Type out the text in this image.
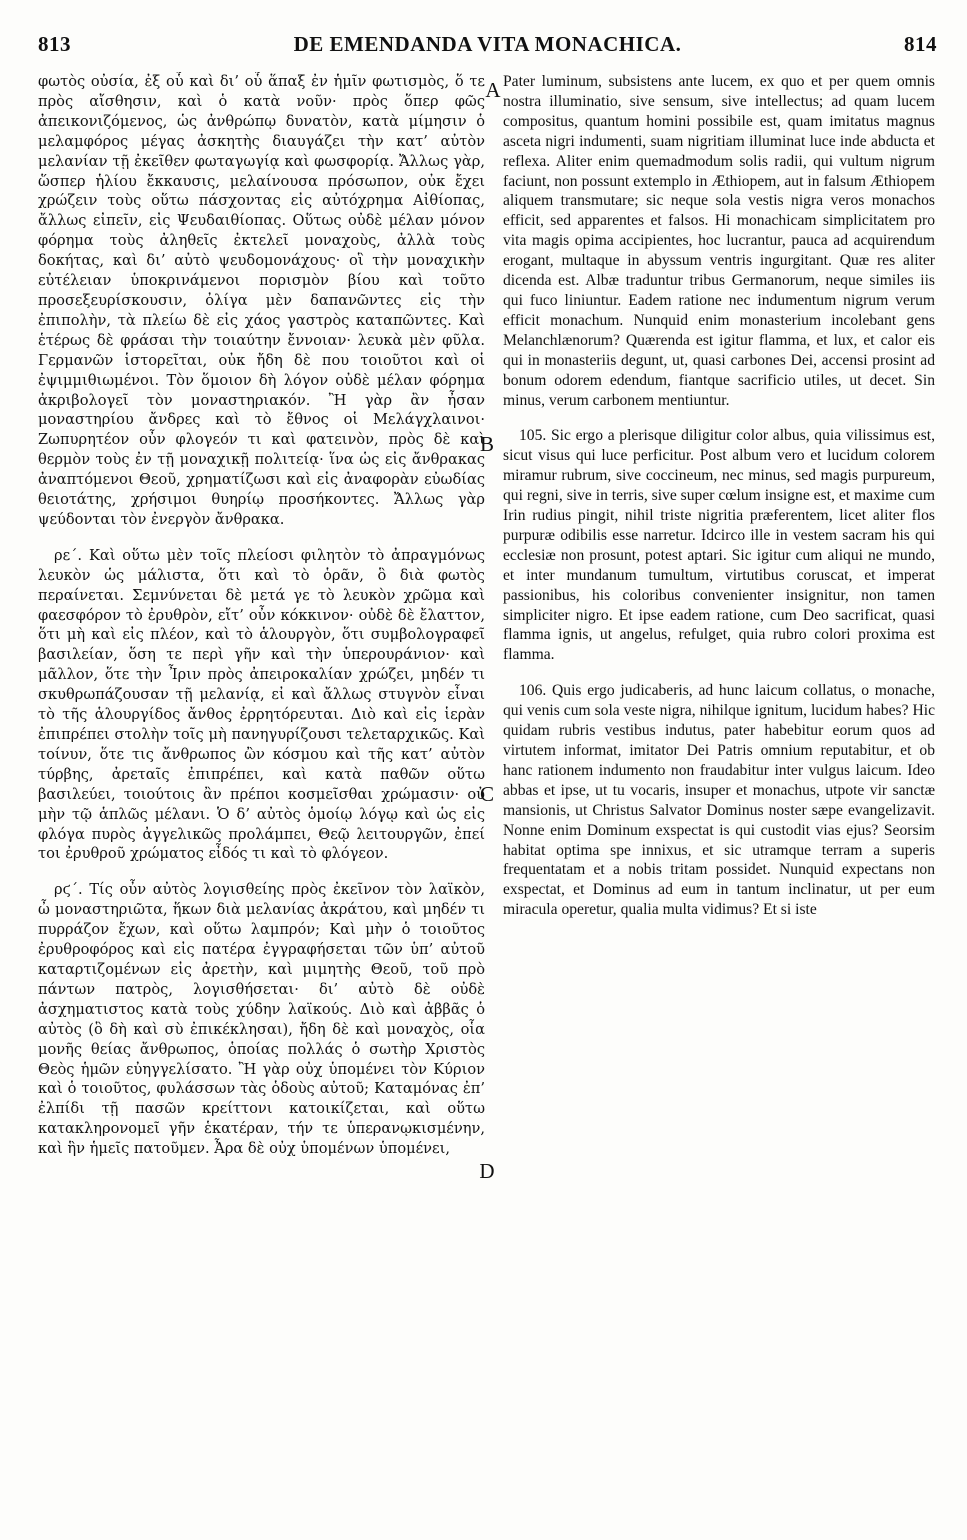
813	DE EMENDANDA VITA MONACHICA.	814

φωτὸς οὐσία, ἐξ οὗ καὶ δι’ οὗ ἅπαξ ἐν ἡμῖν φωτισμὸς, ὅ τε πρὸς αἴσθησιν, καὶ ὁ κατὰ νοῦν· πρὸς ὅπερ φῶς ἀπεικονιζόμενος, ὡς ἀνθρώπῳ δυνατὸν, κατὰ μίμησιν ὁ μελαμφόρος μέγας ἀσκητὴς διαυγάζει τὴν κατ’ αὐτὸν μελανίαν τῇ ἐκεῖθεν φωταγωγίᾳ καὶ φωσφορίᾳ. Ἄλλως γὰρ, ὥσπερ ἡλίου ἔκκαυσις, μελαίνουσα πρόσωπον, οὐκ ἔχει χρώζειν τοὺς οὕτω πάσχοντας εἰς αὐτόχρημα Αἰθίοπας, ἄλλως εἰπεῖν, εἰς Ψευδαιθίοπας. Οὕτως οὐδὲ μέλαν μόνον φόρημα τοὺς ἀληθεῖς ἐκτελεῖ μοναχοὺς, ἀλλὰ τοὺς δοκήτας, καὶ δι’ αὐτὸ ψευδομονάχους· οἳ τὴν μοναχικὴν εὐτέλειαν ὑποκρινάμενοι πορισμὸν βίου καὶ τοῦτο προσεξευρίσκουσιν, ὀλίγα μὲν δαπανῶντες εἰς τὴν ἐπιπολὴν, τὰ πλείω δὲ εἰς χάος γαστρὸς καταπῶντες. Καὶ ἑτέρως δὲ φράσαι τὴν τοιαύτην ἔννοιαν· λευκὰ μὲν φῦλα. Γερμανῶν ἱστορεῖται, οὐκ ἤδη δὲ που τοιοῦτοι καὶ οἱ ἐψιμμιθιωμένοι. Τὸν ὅμοιον δὴ λόγον οὐδὲ μέλαν φόρημα ἀκριβολογεῖ τὸν μοναστηριακόν. Ἢ γὰρ ἂν ἦσαν μοναστηρίου ἄνδρες καὶ τὸ ἔθνος οἱ Μελάγχλαινοι· Ζωπυρητέον οὖν φλογεόν τι καὶ φατεινὸν, πρὸς δὲ καὶ θερμὸν τοὺς ἐν τῇ μοναχικῇ πολιτείᾳ· ἵνα ὡς εἰς ἄνθρακας ἀναπτόμενοι Θεοῦ, χρηματίζωσι καὶ εἰς ἀναφορὰν εὐωδίας θειοτάτης, χρήσιμοι θυηρίῳ προσήκοντες. Ἄλλως γὰρ ψεύδονται τὸν ἐνεργὸν ἄνθρακα.

ρε΄. Καὶ οὕτω μὲν τοῖς πλείοσι φιλητὸν τὸ ἀπραγμόνως λευκὸν ὡς μάλιστα, ὅτι καὶ τὸ ὁρᾶν, ὃ διὰ φωτὸς περαίνεται. Σεμνύνεται δὲ μετά γε τὸ λευκὸν χρῶμα καὶ φαεσφόρον τὸ ἐρυθρὸν, εἴτ’ οὖν κόκκινον· οὐδὲ δὲ ἔλαττον, ὅτι μὴ καὶ εἰς πλέον, καὶ τὸ ἁλουργὸν, ὅτι συμβολογραφεῖ βασιλείαν, ὅση τε περὶ γῆν καὶ τὴν ὑπερουράνιον· καὶ μᾶλλον, ὅτε τὴν Ἶριν πρὸς ἀπειροκαλίαν χρώζει, μηδέν τι σκυθρωπάζουσαν τῇ μελανίᾳ, εἰ καὶ ἄλλως στυγνὸν εἶναι τὸ τῆς ἁλουργίδος ἄνθος ἐρρητόρευται. Διὸ καὶ εἰς ἱερὰν ἐπιπρέπει στολὴν τοῖς μὴ πανηγυρίζουσι τελεταρχικῶς. Καὶ τοίνυν, ὅτε τις ἄνθρωπος ὢν κόσμου καὶ τῆς κατ’ αὐτὸν τύρβης, ἀρεταῖς ἐπιπρέπει, καὶ κατὰ παθῶν οὕτω βασιλεύει, τοιούτοις ἂν πρέποι κοσμεῖσθαι χρώμασιν· οὐ μὴν τῷ ἁπλῶς μέλανι. Ὁ δ’ αὐτὸς ὁμοίῳ λόγῳ καὶ ὡς εἰς φλόγα πυρὸς ἀγγελικῶς προλάμπει, Θεῷ λειτουργῶν, ἐπεί τοι ἐρυθροῦ χρώματος εἶδός τι καὶ τὸ φλόγεον.

ρϛ΄. Τίς οὖν αὐτὸς λογισθείης πρὸς ἐκεῖνον τὸν λαϊκὸν, ὦ μοναστηριῶτα, ἥκων διὰ μελανίας ἀκράτου, καὶ μηδέν τι πυρράζον ἔχων, καὶ οὕτω λαμπρόν; Καὶ μὴν ὁ τοιοῦτος ἐρυθροφόρος καὶ εἰς πατέρα ἐγγραφήσεται τῶν ὑπ’ αὐτοῦ καταρτιζομένων εἰς ἀρετὴν, καὶ μιμητὴς Θεοῦ, τοῦ πρὸ πάντων πατρὸς, λογισθήσεται· δι’ αὐτὸ δὲ οὐδὲ ἀσχηματιστος κατὰ τοὺς χύδην λαϊκούς. Διὸ καὶ ἀββᾶς ὁ αὐτὸς (ὃ δὴ καὶ σὺ ἐπικέκλησαι), ἤδη δὲ καὶ μοναχὸς, οἷα μονῆς θείας ἄνθρωπος, ὁποίας πολλάς ὁ σωτὴρ Χριστὸς Θεὸς ἡμῶν εὐηγγελίσατο. Ἢ γὰρ οὐχ ὑπομένει τὸν Κύριον καὶ ὁ τοιοῦτος, φυλάσσων τὰς ὁδοὺς αὐτοῦ; Καταμόνας ἐπ’ ἐλπίδι τῇ πασῶν κρείττονι κατοικίζεται, καὶ οὕτω κατακληρονομεῖ γῆν ἑκατέραν, τήν τε ὑπερανῳκισμένην, καὶ ἣν ἡμεῖς πατοῦμεν. Ἆρα δὲ οὐχ ὑπομένων ὑπομένει,

Pater luminum, subsistens ante lucem, ex quo et per quem omnis nostra illuminatio, sive sensum, sive intellectus; ad quam lucem compositus, quantum homini possibile est, quam imitatus magnus asceta nigri indumenti, suam nigritiam illuminat luce inde abducta et reflexa. Aliter enim quemadmodum solis radii, qui vultum nigrum faciunt, non possunt extemplo in Æthiopem, aut in falsum Æthiopem aliquem transmutare; sic neque sola vestis nigra veros monachos efficit, sed apparentes et falsos. Hi monachicam simplicitatem pro vita magis opima accipientes, hoc lucrantur, pauca ad acquirendum erogant, multaque in abyssum ventris ingurgitant. Quæ res aliter dicenda est. Albæ traduntur tribus Germanorum, neque similes iis qui fuco liniuntur. Eadem ratione nec indumentum nigrum verum efficit monachum. Nunquid enim monasterium incolebant gens Melanchlænorum? Quærenda est igitur flamma, et lux, et calor eis qui in monasteriis degunt, ut, quasi carbones Dei, accensi prosint ad bonum odorem edendum, fiantque sacrificio utiles, ut decet. Sin minus, verum carbonem mentiuntur.

105. Sic ergo a plerisque diligitur color albus, quia vilissimus est, sicut visus qui luce perficitur. Post album vero et lucidum colorem miramur rubrum, sive coccineum, nec minus, sed magis purpureum, qui regni, sive in terris, sive super cœlum insigne est, et maxime cum Irin rudius pingit, nihil triste nigritia præferentem, licet aliter flos purpuræ odibilis esse narretur. Idcirco ille in vestem sacram his qui ecclesiæ non prosunt, potest aptari. Sic igitur cum aliqui ne mundo, et inter mundanum tumultum, virtutibus coruscat, et imperat passionibus, his coloribus convenienter insignitur, non tamen simpliciter nigro. Et ipse eadem ratione, cum Deo sacrificat, quasi flamma ignis, ut angelus, refulget, quia rubro colori proxima est flamma.

106. Quis ergo judicaberis, ad hunc laicum collatus, o monache, qui venis cum sola veste nigra, nihilque ignitum, lucidum habes? Hic quidam rubris vestibus indutus, pater habebitur eorum quos ad virtutem informat, imitator Dei Patris omnium reputabitur, et ob hanc rationem indumento non fraudabitur inter vulgus laicum. Ideo abbas et ipse, ut tu vocaris, insuper et monachus, utpote vir sanctæ mansionis, ut Christus Salvator Dominus noster sæpe evangelizavit. Nonne enim Dominum exspectat is qui custodit vias ejus? Seorsim habitat optima spe innixus, et sic utramque terram a superis frequentatam et a nobis tritam possidet. Nunquid expectans non exspectat, et Dominus ad eum in tantum inclinatur, ut per eum miracula operetur, qualia multa vidimus? Et si iste

A
B
C
D
